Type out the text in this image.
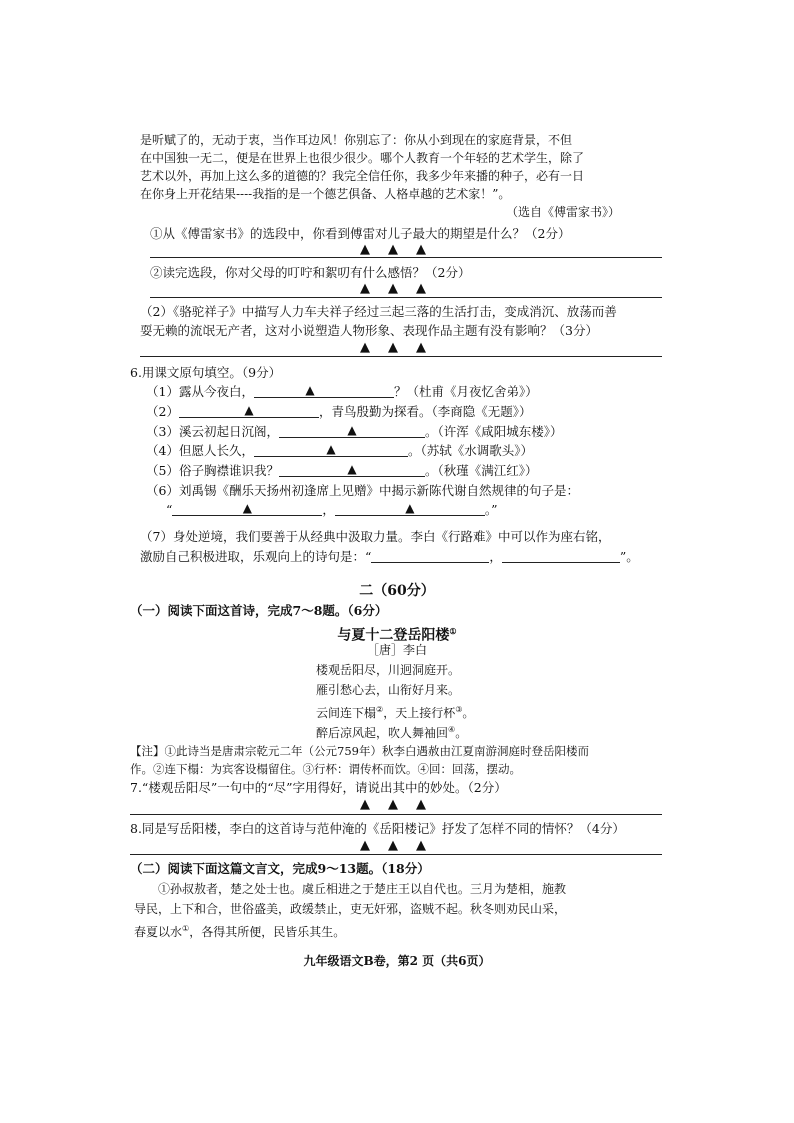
是听赋了的，无动于衷，当作耳边风！你别忘了：你从小到现在的家庭背景，不但
在中国独一无二，便是在世界上也很少很少。哪个人教育一个年轻的艺术学生，除了
艺术以外，再加上这么多的道德的？我完全信任你，我多少年来播的种子，必有一日
在你身上开花结果----我指的是一个德艺俱备、人格卓越的艺术家！”。
（选自《傅雷家书》）
①从《傅雷家书》的选段中，你看到傅雷对儿子最大的期望是什么？（2分）
▲▲▲
②读完选段，你对父母的叮咛和絮叨有什么感悟？（2分）
▲▲▲
（2）《骆驼祥子》中描写人力车夫祥子经过三起三落的生活打击，变成消沉、放荡而善
耍无赖的流氓无产者，这对小说塑造人物形象、表现作品主题有没有影响？（3分）
▲▲▲
6.用课文原句填空。（9分）
（1）露从今夜白，	▲	？（杜甫《月夜忆舍弟》）
（2）	▲	，青鸟殷勤为探看。（李商隐《无题》）
（3）溪云初起日沉阁，	▲	。（许浑《咸阳城东楼》）
（4）但愿人长久，	▲	。（苏轼《水调歌头》）
（5）俗子胸襟谁识我？	▲	。（秋瑾《满江红》）
（6）刘禹锡《酬乐天扬州初逢席上见赠》中揭示新陈代谢自然规律的句子是：
“	▲	，	▲	。”
（7）身处逆境，我们要善于从经典中汲取力量。李白《行路难》中可以作为座右铭，
激励自己积极进取，乐观向上的诗句是：“	，	”。
二（60分）
（一）阅读下面这首诗，完成7～8题。（6分）
与夏十二登岳阳楼①
［唐］李白
楼观岳阳尽，川迥洞庭开。
雁引愁心去，山衔好月来。
云间连下榻②，天上接行杯③。
醉后凉风起，吹人舞袖回④。
【注】①此诗当是唐肃宗乾元二年（公元759年）秋李白遇赦由江夏南游洞庭时登岳阳楼而
作。②连下榻：为宾客设榻留住。③行杯：谓传杯而饮。④回：回荡，摆动。
7.“楼观岳阳尽”一句中的“尽”字用得好，请说出其中的妙处。（2分）
▲▲▲
8.同是写岳阳楼，李白的这首诗与范仲淹的《岳阳楼记》抒发了怎样不同的情怀？（4分）
▲▲▲
（二）阅读下面这篇文言文，完成9～13题。（18分）
①孙叔敖者，楚之处士也。虞丘相进之于楚庄王以自代也。三月为楚相，施教
导民，上下和合，世俗盛美，政缓禁止，吏无奸邪，盗贼不起。秋冬则劝民山采，
春夏以水①，各得其所便，民皆乐其生。
九年级语文B卷，第2 页（共6页）
